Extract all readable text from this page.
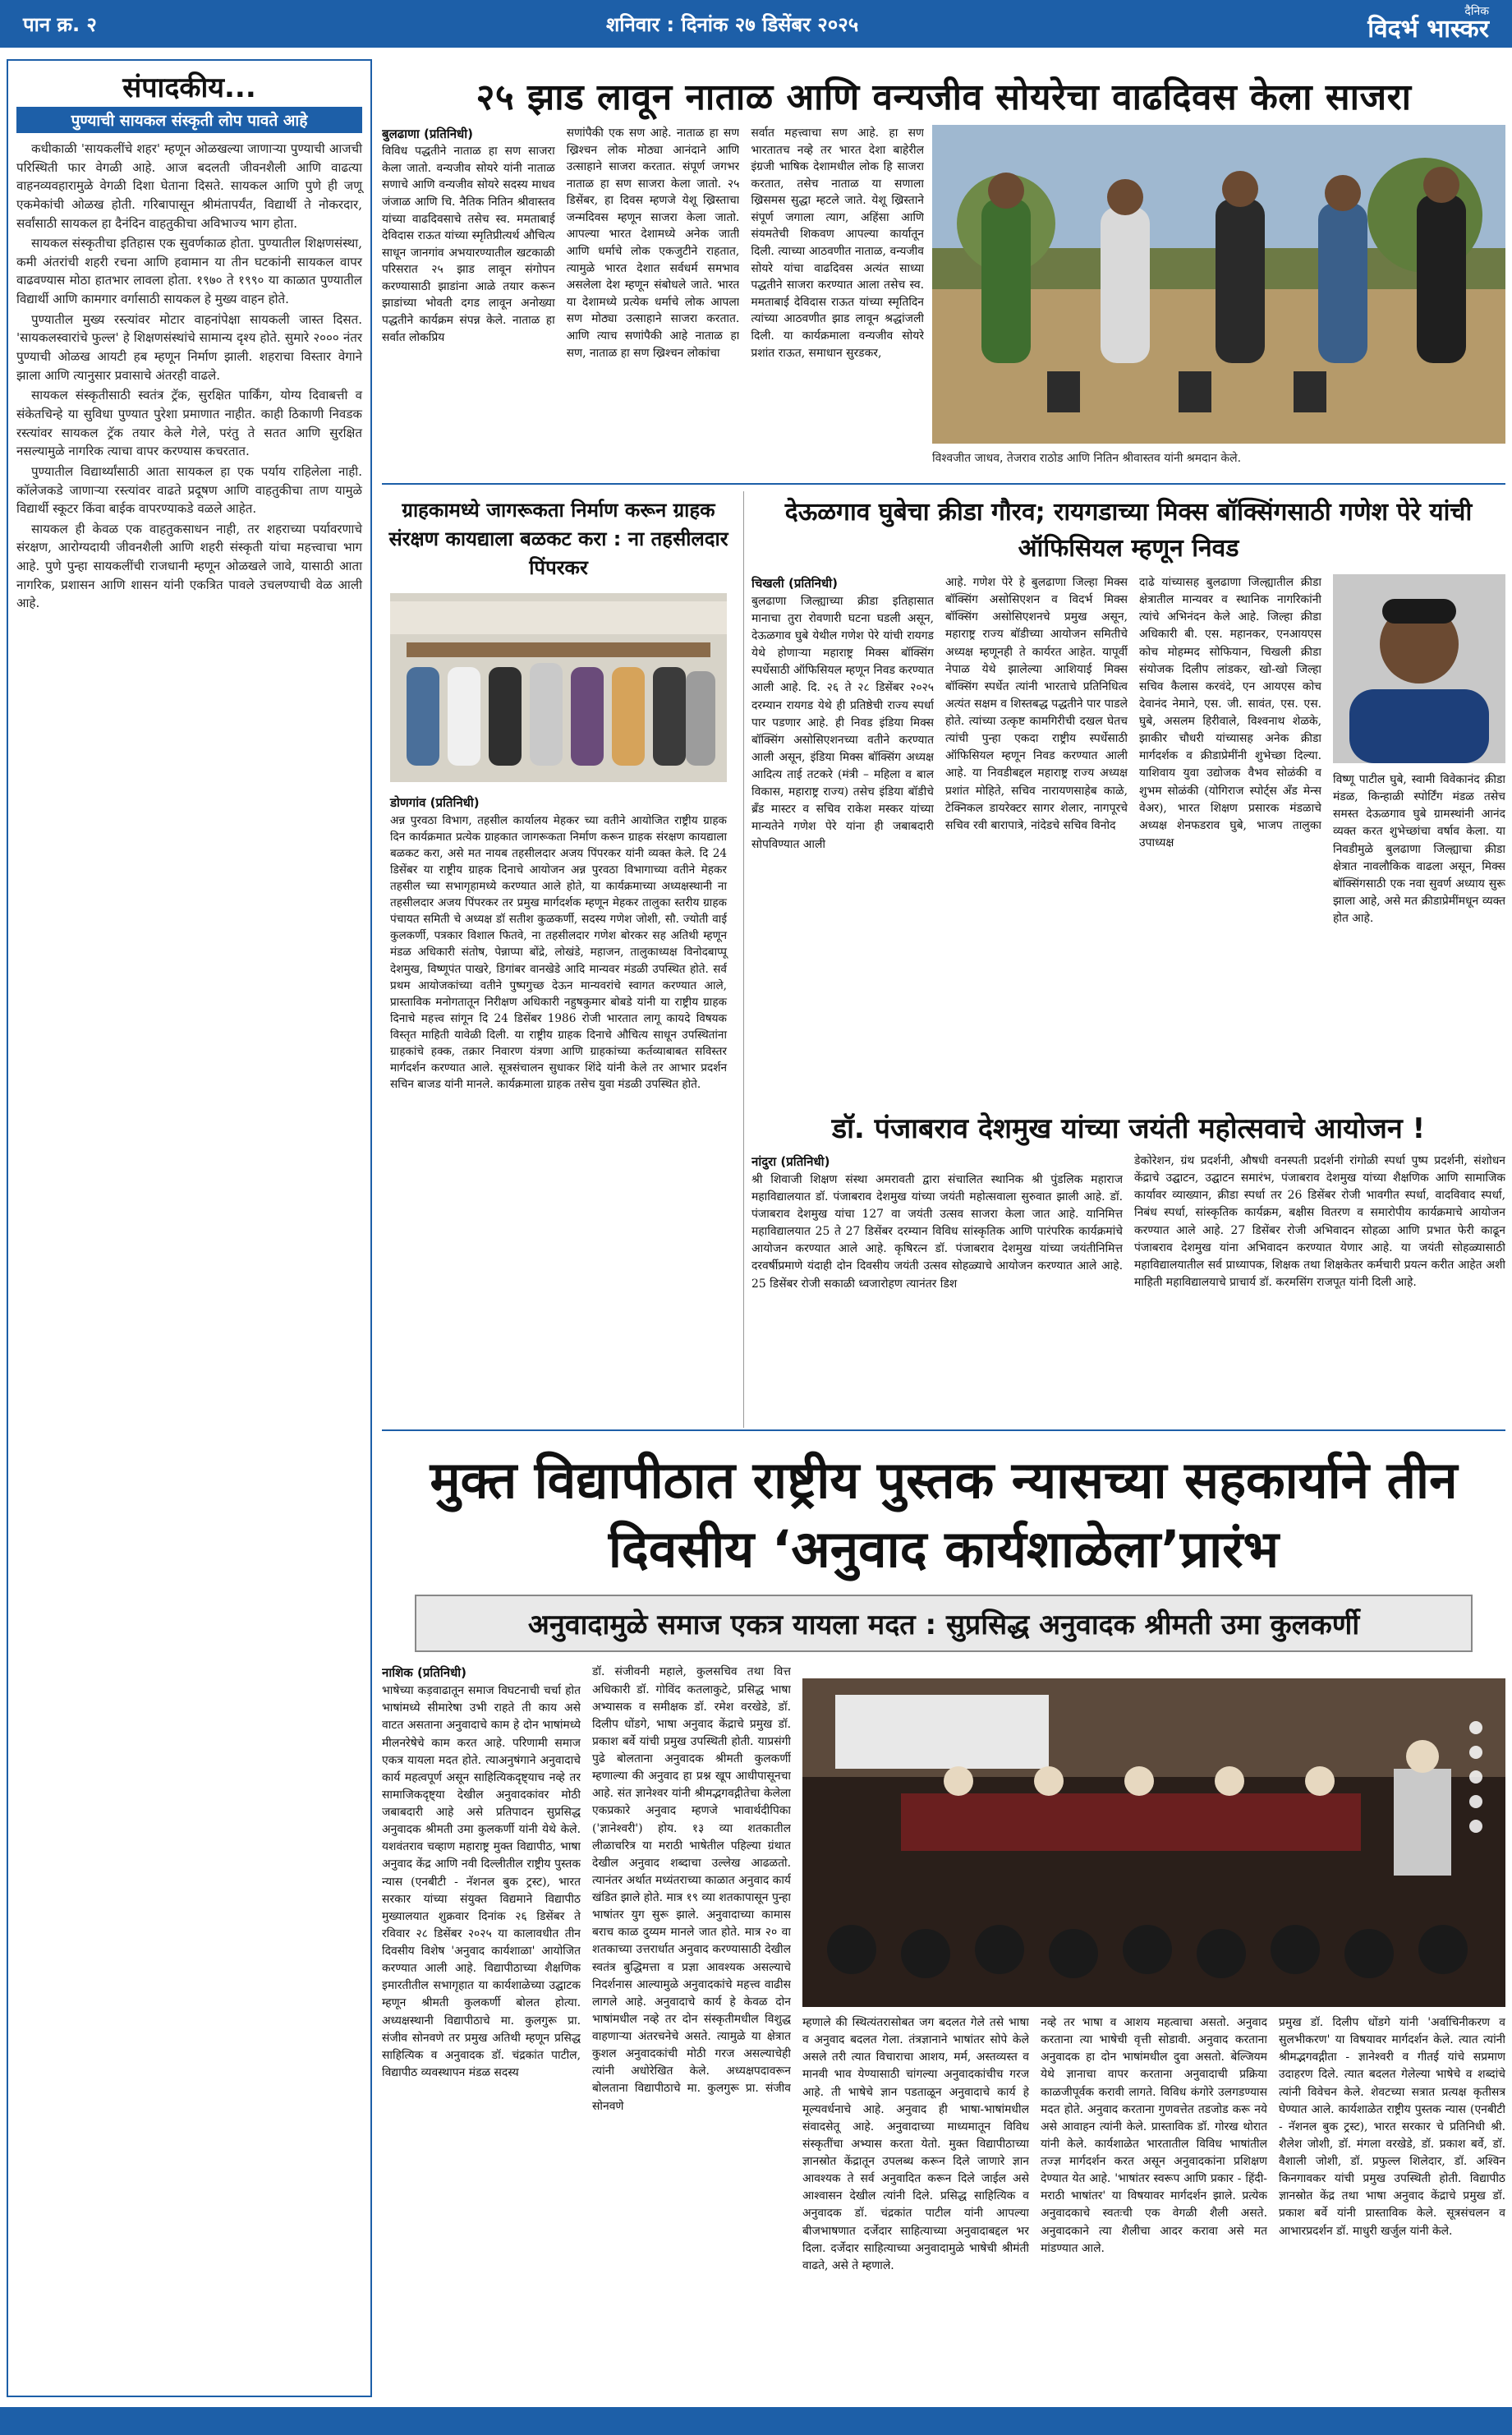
पान क्र. २	शनिवार : दिनांक २७ डिसेंबर २०२५
दैनिक
विदर्भ भास्कर
संपादकीय...
पुण्याची सायकल संस्कृती लोप पावते आहे

कधीकाळी 'सायकलींचे शहर' म्हणून ओळखल्या जाणाऱ्या पुण्याची आजची परिस्थिती फार वेगळी आहे. आज बदलती जीवनशैली आणि वाढत्या वाहनव्यवहारामुळे वेगळी दिशा घेताना दिसते. सायकल आणि पुणे ही जणू एकमेकांची ओळख होती. गरिबापासून श्रीमंतापर्यंत, विद्यार्थी ते नोकरदार, सर्वांसाठी सायकल हा दैनंदिन वाहतुकीचा अविभाज्य भाग होता.

सायकल संस्कृतीचा इतिहास एक सुवर्णकाळ होता. पुण्यातील शिक्षणसंस्था, कमी अंतरांची शहरी रचना आणि हवामान या तीन घटकांनी सायकल वापर वाढवण्यास मोठा हातभार लावला होता. १९७० ते १९९० या काळात पुण्यातील विद्यार्थी आणि कामगार वर्गासाठी सायकल हे मुख्य वाहन होते.

पुण्यातील मुख्य रस्त्यांवर मोटार वाहनांपेक्षा सायकली जास्त दिसत. 'सायकलस्वारांचे फुल्ल' हे शिक्षणसंस्थांचे सामान्य दृश्य होते. सुमारे २००० नंतर पुण्याची ओळख आयटी हब म्हणून निर्माण झाली. शहराचा विस्तार वेगाने झाला आणि त्यानुसार प्रवासाचे अंतरही वाढले.

सायकल संस्कृतीसाठी स्वतंत्र ट्रॅक, सुरक्षित पार्किंग, योग्य दिवाबत्ती व संकेतचिन्हे या सुविधा पुण्यात पुरेशा प्रमाणात नाहीत. काही ठिकाणी निवडक रस्त्यांवर सायकल ट्रॅक तयार केले गेले, परंतु ते सतत आणि सुरक्षित नसल्यामुळे नागरिक त्याचा वापर करण्यास कचरतात.

पुण्यातील विद्यार्थ्यांसाठी आता सायकल हा एक पर्याय राहिलेला नाही. कॉलेजकडे जाणाऱ्या रस्त्यांवर वाढते प्रदूषण आणि वाहतुकीचा ताण यामुळे विद्यार्थी स्कूटर किंवा बाईक वापरण्याकडे वळले आहेत.

सायकल ही केवळ एक वाहतुकसाधन नाही, तर शहराच्या पर्यावरणाचे संरक्षण, आरोग्यदायी जीवनशैली आणि शहरी संस्कृती यांचा महत्त्वाचा भाग आहे. पुणे पुन्हा सायकलींची राजधानी म्हणून ओळखले जावे, यासाठी आता नागरिक, प्रशासन आणि शासन यांनी एकत्रित पावले उचलण्याची वेळ आली आहे.

२५ झाड लावून नाताळ आणि वन्यजीव सोयरेचा वाढदिवस केला साजरा
बुलढाणा (प्रतिनिधी)
विविध पद्धतीने नाताळ हा सण साजरा केला जातो. वन्यजीव सोयरे यांनी नाताळ सणाचे आणि वन्यजीव सोयरे सदस्य माधव जंजाळ आणि चि. नैतिक नितिन श्रीवास्तव यांच्या वाढदिवसाचे तसेच स्व. ममताबाई देविदास राऊत यांच्या स्मृतिप्रीत्यर्थ औचित्य साधून जानगांव अभयारण्यातील खटकाळी परिसरात २५ झाड लावून संगोपन करण्यासाठी झाडांना आळे तयार करून झाडांच्या भोवती दगड लावून अनोख्या पद्धतीने कार्यक्रम संपन्न केले. नाताळ हा सर्वात लोकप्रिय
सणांपैकी एक सण आहे. नाताळ हा सण ख्रिश्चन लोक मोठ्या आनंदाने आणि उत्साहाने साजरा करतात. संपूर्ण जगभर नाताळ हा सण साजरा केला जातो. २५ डिसेंबर, हा दिवस म्हणजे येशू ख्रिस्ताचा जन्मदिवस म्हणून साजरा केला जातो. आपल्या भारत देशामध्ये अनेक जाती आणि धर्माचे लोक एकजुटीने राहतात, त्यामुळे भारत देशात सर्वधर्म समभाव असलेला देश म्हणून संबोधले जाते. भारत या देशामध्ये प्रत्येक धर्माचे लोक आपला सण मोठ्या उत्साहाने साजरा करतात. आणि त्याच सणांपैकी आहे नाताळ हा सण, नाताळ हा सण ख्रिश्चन लोकांचा
सर्वात महत्त्वाचा सण आहे. हा सण भारतातच नव्हे तर भारत देशा बाहेरील इंग्रजी भाषिक देशामधील लोक हि साजरा करतात, तसेच नाताळ या सणाला ख्रिसमस सुद्धा म्हटले जाते. येशू ख्रिस्ताने संपूर्ण जगाला त्याग, अहिंसा आणि संयमतेची शिकवण आपल्या कार्यातून दिली. त्याच्या आठवणीत नाताळ, वन्यजीव सोयरे यांचा वाढदिवस अत्यंत साध्या पद्धतीने साजरा करण्यात आला तसेच स्व. ममताबाई देविदास राऊत यांच्या स्मृतिदिन त्यांच्या आठवणीत झाड लावून श्रद्धांजली दिली. या कार्यक्रमाला वन्यजीव सोयरे प्रशांत राऊत, समाधान सुरडकर,
विश्वजीत जाधव, तेजराव राठोड आणि नितिन श्रीवास्तव यांनी श्रमदान केले.
ग्राहकामध्ये जागरूकता निर्माण करून ग्राहक संरक्षण कायद्याला बळकट करा : ना तहसीलदार पिंपरकर
डोणगांव (प्रतिनिधी)
अन्न पुरवठा विभाग, तहसील कार्यालय मेहकर च्या वतीने आयोजित राष्ट्रीय ग्राहक दिन कार्यक्रमात प्रत्येक ग्राहकात जागरूकता निर्माण करून ग्राहक संरक्षण कायद्याला बळकट करा, असे मत नायब तहसीलदार अजय पिंपरकर यांनी व्यक्त केले. दि 24 डिसेंबर या राष्ट्रीय ग्राहक दिनाचे आयोजन अन्न पुरवठा विभागाच्या वतीने मेहकर तहसील च्या सभागृहामध्ये करण्यात आले होते, या कार्यक्रमाच्या अध्यक्षस्थानी ना तहसीलदार अजय पिंपरकर तर प्रमुख मार्गदर्शक म्हणून मेहकर तालुका स्तरीय ग्राहक पंचायत समिती चे अध्यक्ष डॉ सतीश कुळकर्णी, सदस्य गणेश जोशी, सौ. ज्योती वाई कुलकर्णी, पत्रकार विशाल फितवे, ना तहसीलदार गणेश बोरकर सह अतिथी म्हणून मंडळ अधिकारी संतोष, पेन्नाप्पा बोंद्रे, लोखंडे, महाजन, तालुकाध्यक्ष विनोदबाप्पू देशमुख, विष्णूपंत पाखरे, डिगांबर वानखेडे आदि मान्यवर मंडळी उपस्थित होते. सर्व प्रथम आयोजकांच्या वतीने पुष्पगुच्छ देऊन मान्यवरांचे स्वागत करण्यात आले, प्रास्ताविक मनोगतातून निरीक्षण अधिकारी नहुषकुमार बोबडे यांनी या राष्ट्रीय ग्राहक दिनाचे महत्त्व सांगून दि 24 डिसेंबर 1986 रोजी भारतात लागू कायदे विषयक विस्तृत माहिती यावेळी दिली. या राष्ट्रीय ग्राहक दिनाचे औचित्य साधून उपस्थितांना ग्राहकांचे हक्क, तक्रार निवारण यंत्रणा आणि ग्राहकांच्या कर्तव्याबाबत सविस्तर मार्गदर्शन करण्यात आले. सूत्रसंचालन सुधाकर शिंदे यांनी केले तर आभार प्रदर्शन सचिन बाजड यांनी मानले. कार्यक्रमाला ग्राहक तसेच युवा मंडळी उपस्थित होते.
देऊळगाव घुबेचा क्रीडा गौरव; रायगडाच्या मिक्स बॉक्सिंगसाठी गणेश पेरे यांची ऑफिसियल म्हणून निवड
चिखली (प्रतिनिधी)
बुलढाणा जिल्ह्याच्या क्रीडा इतिहासात मानाचा तुरा रोवणारी घटना घडली असून, देऊळगाव घुबे येथील गणेश पेरे यांची रायगड येथे होणाऱ्या महाराष्ट्र मिक्स बॉक्सिंग स्पर्धेसाठी ऑफिसियल म्हणून निवड करण्यात आली आहे. दि. २६ ते २८ डिसेंबर २०२५ दरम्यान रायगड येथे ही प्रतिष्ठेची राज्य स्पर्धा पार पडणार आहे. ही निवड इंडिया मिक्स बॉक्सिंग असोसिएशनच्या वतीने करण्यात आली असून, इंडिया मिक्स बॉक्सिंग अध्यक्ष आदित्य ताई तटकरे (मंत्री – महिला व बाल विकास, महाराष्ट्र राज्य) तसेच इंडिया बॉडीचे ब्रँड मास्टर व सचिव राकेश मस्कर यांच्या मान्यतेने गणेश पेरे यांना ही जबाबदारी सोपविण्यात आली
आहे. गणेश पेरे हे बुलढाणा जिल्हा मिक्स बॉक्सिंग असोसिएशन व विदर्भ मिक्स बॉक्सिंग असोसिएशनचे प्रमुख असून, महाराष्ट्र राज्य बॉडीच्या आयोजन समितीचे अध्यक्ष म्हणूनही ते कार्यरत आहेत. यापूर्वी नेपाळ येथे झालेल्या आशियाई मिक्स बॉक्सिंग स्पर्धेत त्यांनी भारताचे प्रतिनिधित्व अत्यंत सक्षम व शिस्तबद्ध पद्धतीने पार पाडले होते. त्यांच्या उत्कृष्ट कामगिरीची दखल घेतच त्यांची पुन्हा एकदा राष्ट्रीय स्पर्धेसाठी ऑफिसियल म्हणून निवड करण्यात आली आहे. या निवडीबद्दल महाराष्ट्र राज्य अध्यक्ष प्रशांत मोहिते, सचिव नारायणसाहेब काळे, टेक्निकल डायरेक्टर सागर शेलार, नागपूरचे सचिव रवी बारापात्रे, नांदेडचे सचिव विनोद
दाढे यांच्यासह बुलढाणा जिल्ह्यातील क्रीडा क्षेत्रातील मान्यवर व स्थानिक नागरिकांनी त्यांचे अभिनंदन केले आहे. जिल्हा क्रीडा अधिकारी बी. एस. महानकर, एनआयएस कोच मोहम्मद सोफियान, चिखली क्रीडा संयोजक दिलीप लांडकर, खो-खो जिल्हा सचिव कैलास करवंदे, एन आयएस कोच देवानंद नेमाने, एस. जी. सावंत, एस. एस. घुबे, असलम हिरीवाले, विश्वनाथ शेळके, झाकीर चौधरी यांच्यासह अनेक क्रीडा मार्गदर्शक व क्रीडाप्रेमींनी शुभेच्छा दिल्या. याशिवाय युवा उद्योजक वैभव सोळंकी व शुभम सोळंकी (योगिराज स्पोर्ट्स अँड मेन्स वेअर), भारत शिक्षण प्रसारक मंडळाचे अध्यक्ष शेनफडराव घुबे, भाजप तालुका उपाध्यक्ष
विष्णू पाटील घुबे, स्वामी विवेकानंद क्रीडा मंडळ, किन्हाळी स्पोर्टिंग मंडळ तसेच समस्त देऊळगाव घुबे ग्रामस्थांनी आनंद व्यक्त करत शुभेच्छांचा वर्षाव केला. या निवडीमुळे बुलढाणा जिल्ह्याचा क्रीडा क्षेत्रात नावलौकिक वाढला असून, मिक्स बॉक्सिंगसाठी एक नवा सुवर्ण अध्याय सुरू झाला आहे, असे मत क्रीडाप्रेमींमधून व्यक्त होत आहे.
डॉ. पंजाबराव देशमुख यांच्या जयंती महोत्सवाचे आयोजन !
नांदुरा (प्रतिनिधी)
श्री शिवाजी शिक्षण संस्था अमरावती द्वारा संचालित स्थानिक श्री पुंडलिक महाराज महाविद्यालयात डॉ. पंजाबराव देशमुख यांच्या जयंती महोत्सवाला सुरुवात झाली आहे. डॉ. पंजाबराव देशमुख यांचा 127 वा जयंती उत्सव साजरा केला जात आहे. यानिमित्त महाविद्यालयात 25 ते 27 डिसेंबर दरम्यान विविध सांस्कृतिक आणि पारंपरिक कार्यक्रमांचे आयोजन करण्यात आले आहे. कृषिरत्न डॉ. पंजाबराव देशमुख यांच्या जयंतीनिमित्त दरवर्षीप्रमाणे यंदाही दोन दिवसीय जयंती उत्सव सोहळ्याचे आयोजन करण्यात आले आहे. 25 डिसेंबर रोजी सकाळी ध्वजारोहण त्यानंतर डिश
डेकोरेशन, ग्रंथ प्रदर्शनी, औषधी वनस्पती प्रदर्शनी रांगोळी स्पर्धा पुष्प प्रदर्शनी, संशोधन केंद्राचे उद्घाटन, उद्घाटन समारंभ, पंजाबराव देशमुख यांच्या शैक्षणिक आणि सामाजिक कार्यावर व्याख्यान, क्रीडा स्पर्धा तर 26 डिसेंबर रोजी भावगीत स्पर्धा, वादविवाद स्पर्धा, निबंध स्पर्धा, सांस्कृतिक कार्यक्रम, बक्षीस वितरण व समारोपीय कार्यक्रमाचे आयोजन करण्यात आले आहे. 27 डिसेंबर रोजी अभिवादन सोहळा आणि प्रभात फेरी काढून पंजाबराव देशमुख यांना अभिवादन करण्यात येणार आहे. या जयंती सोहळ्यासाठी महाविद्यालयातील सर्व प्राध्यापक, शिक्षक तथा शिक्षकेतर कर्मचारी प्रयत्न करीत आहेत अशी माहिती महाविद्यालयाचे प्राचार्य डॉ. करमसिंग राजपूत यांनी दिली आहे.
मुक्त विद्यापीठात राष्ट्रीय पुस्तक न्यासच्या सहकार्याने तीन दिवसीय ‘अनुवाद कार्यशाळेला’प्रारंभ
अनुवादामुळे समाज एकत्र यायला मदत : सुप्रसिद्ध अनुवादक श्रीमती उमा कुलकर्णी
नाशिक (प्रतिनिधी)
भाषेच्या कड़वाढातून समाज विघटनाची चर्चा होत भाषांमध्ये सीमारेषा उभी राहते ती काय असे वाटत असताना अनुवादाचे काम हे दोन भाषांमध्ये मीलनरेषेचे काम करत आहे. परिणामी समाज एकत्र यायला मदत होते. त्याअनुषंगाने अनुवादाचे कार्य महत्वपूर्ण असून साहित्यिकदृष्ट्याच नव्हे तर सामाजिकदृष्ट्या देखील अनुवादकांवर मोठी जबाबदारी आहे असे प्रतिपादन सुप्रसिद्ध अनुवादक श्रीमती उमा कुलकर्णी यांनी येथे केले. यशवंतराव चव्हाण महाराष्ट्र मुक्त विद्यापीठ, भाषा अनुवाद केंद्र आणि नवी दिल्लीतील राष्ट्रीय पुस्तक न्यास (एनबीटी - नॅशनल बुक ट्रस्ट), भारत सरकार यांच्या संयुक्त विद्यमाने विद्यापीठ मुख्यालयात शुक्रवार दिनांक २६ डिसेंबर ते रविवार २८ डिसेंबर २०२५ या कालावधीत तीन दिवसीय विशेष 'अनुवाद कार्यशाळा' आयोजित करण्यात आली आहे. विद्यापीठाच्या शैक्षणिक इमारतीतील सभागृहात या कार्यशाळेच्या उद्घाटक म्हणून श्रीमती कुलकर्णी बोलत होत्या. अध्यक्षस्थानी विद्यापीठाचे मा. कुलगुरू प्रा. संजीव सोनवणे तर प्रमुख अतिथी म्हणून प्रसिद्ध साहित्यिक व अनुवादक डॉ. चंद्रकांत पाटील, विद्यापीठ व्यवस्थापन मंडळ सदस्य
डॉ. संजीवनी महाले, कुलसचिव तथा वित्त अधिकारी डॉ. गोविंद कतलाकुटे, प्रसिद्ध भाषा अभ्यासक व समीक्षक डॉ. रमेश वरखेडे, डॉ. दिलीप धोंडगे, भाषा अनुवाद केंद्राचे प्रमुख डॉ. प्रकाश बर्वे यांची प्रमुख उपस्थिती होती. याप्रसंगी पुढे बोलताना अनुवादक श्रीमती कुलकर्णी म्हणाल्या की अनुवाद हा प्रश्न खूप आधीपासूनचा आहे. संत ज्ञानेश्वर यांनी श्रीमद्भगवद्गीतेचा केलेला एकप्रकारे अनुवाद म्हणजे भावार्थदीपिका ('ज्ञानेश्वरी') होय. १३ व्या शतकातील लीळाचरित्र या मराठी भाषेतील पहिल्या ग्रंथात देखील अनुवाद शब्दाचा उल्लेख आढळतो. त्यानंतर अर्थात मध्यंतराच्या काळात अनुवाद कार्य खंडित झाले होते. मात्र १९ व्या शतकापासून पुन्हा भाषांतर युग सुरू झाले. अनुवादाच्या कामास बराच काळ दुय्यम मानले जात होते. मात्र २० वा शतकाच्या उत्तरार्धात अनुवाद करण्यासाठी देखील स्वतंत्र बुद्धिमत्ता व प्रज्ञा आवश्यक असल्याचे निदर्शनास आल्यामुळे अनुवादकांचे महत्त्व वाढीस लागले आहे. अनुवादाचे कार्य हे केवळ दोन भाषांमधील नव्हे तर दोन संस्कृतीमधील विशुद्ध वाहणाऱ्या अंतरचनेचे असते. त्यामुळे या क्षेत्रात कुशल अनुवादकांची मोठी गरज असल्याचेही त्यांनी अधोरेखित केले. अध्यक्षपदावरून बोलताना विद्यापीठाचे मा. कुलगुरू प्रा. संजीव सोनवणे
म्हणाले की स्थित्यंतरासोबत जग बदलत गेले तसे भाषा व अनुवाद बदलत गेला. तंत्रज्ञानाने भाषांतर सोपे केले असले तरी त्यात विचाराचा आशय, मर्म, अस्तव्यस्त व मानवी भाव येण्यासाठी चांगल्या अनुवादकांचीच गरज आहे. ती भाषेचे ज्ञान पडताळून अनुवादाचे कार्य हे मूल्यवर्धनाचे आहे. अनुवाद ही भाषा-भाषांमधील संवादसेतू आहे. अनुवादाच्या माध्यमातून विविध संस्कृतींचा अभ्यास करता येतो. मुक्त विद्यापीठाच्या ज्ञानस्रोत केंद्रातून उपलब्ध करून दिले जाणारे ज्ञान आवश्यक ते सर्व अनुवादित करून दिले जाईल असे आश्वासन देखील त्यांनी दिले. प्रसिद्ध साहित्यिक व अनुवादक डॉ. चंद्रकांत पाटील यांनी आपल्या बीजभाषणात दर्जेदार साहित्याच्या अनुवादाबद्दल भर दिला. दर्जेदार साहित्याच्या अनुवादामुळे भाषेची श्रीमंती वाढते, असे ते म्हणाले.
नव्हे तर भाषा व आशय महत्वाचा असतो. अनुवाद करताना त्या भाषेची वृत्ती सोडावी. अनुवाद करताना अनुवादक हा दोन भाषांमधील दुवा असतो. बेल्जियम येथे ज्ञानाचा वापर करताना अनुवादाची प्रक्रिया काळजीपूर्वक करावी लागते. विविध कंगोरे उलगडण्यास मदत होते. अनुवाद करताना गुणवत्तेत तडजोड करू नये असे आवाहन त्यांनी केले. प्रास्ताविक डॉ. गोरख थोरात यांनी केले. कार्यशाळेत भारतातील विविध भाषांतील तज्ज्ञ मार्गदर्शन करत असून अनुवादकांना प्रशिक्षण देण्यात येत आहे. 'भाषांतर स्वरूप आणि प्रकार - हिंदी-मराठी भाषांतर' या विषयावर मार्गदर्शन झाले. प्रत्येक अनुवादकाचे स्वतःची एक वेगळी शैली असते. अनुवादकाने त्या शैलीचा आदर करावा असे मत मांडण्यात आले.
प्रमुख डॉ. दिलीप धोंडगे यांनी 'अर्वाचिनीकरण व सुलभीकरण' या विषयावर मार्गदर्शन केले. त्यात त्यांनी श्रीमद्भगवद्गीता - ज्ञानेश्वरी व गीतई यांचे सप्रमाण उदाहरण दिले. त्यात बदलत गेलेल्या भाषेचे व शब्दांचे त्यांनी विवेचन केले. शेवटच्या सत्रात प्रत्यक्ष कृतीसत्र घेण्यात आले. कार्यशाळेत राष्ट्रीय पुस्तक न्यास (एनबीटी - नॅशनल बुक ट्रस्ट), भारत सरकार चे प्रतिनिधी श्री. शैलेश जोशी, डॉ. मंगला वरखेडे, डॉ. प्रकाश बर्वे, डॉ. वैशाली जोशी, डॉ. प्रफुल्ल शिलेदार, डॉ. अश्विन किनगावकर यांची प्रमुख उपस्थिती होती. विद्यापीठ ज्ञानस्रोत केंद्र तथा भाषा अनुवाद केंद्राचे प्रमुख डॉ. प्रकाश बर्वे यांनी प्रास्ताविक केले. सूत्रसंचलन व आभारप्रदर्शन डॉ. माधुरी खर्जुल यांनी केले.
